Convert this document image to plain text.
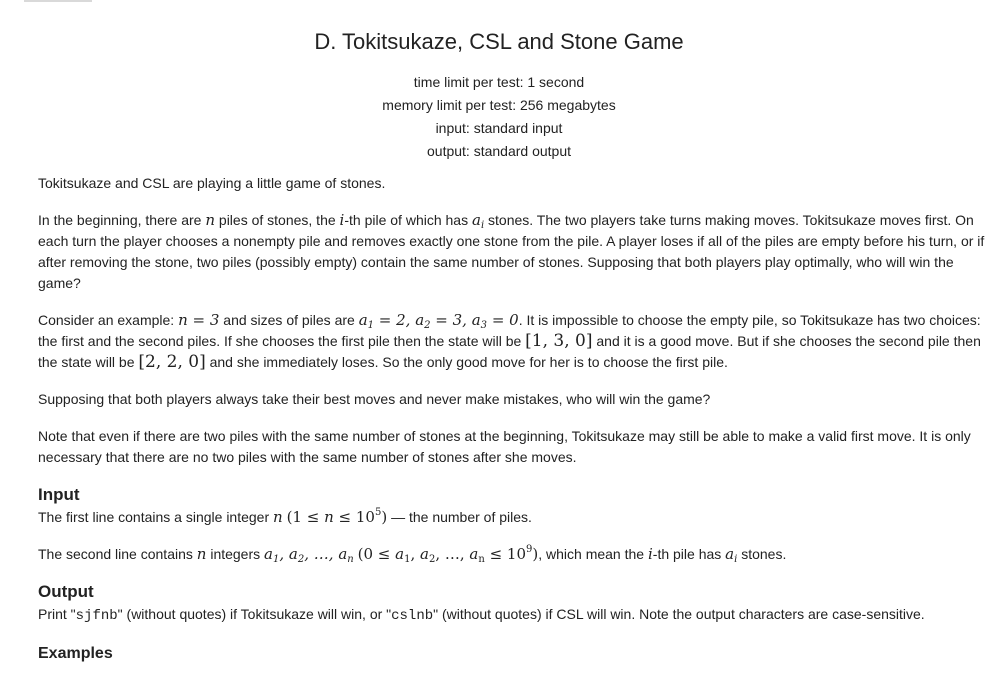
D. Tokitsukaze, CSL and Stone Game
time limit per test: 1 second
memory limit per test: 256 megabytes
input: standard input
output: standard output

Tokitsukaze and CSL are playing a little game of stones.

In the beginning, there are n piles of stones, the i-th pile of which has $a_i$ stones. The two players take turns making moves. Tokitsukaze moves first. On each turn the player chooses a nonempty pile and removes exactly one stone from the pile. A player loses if all of the piles are empty before his turn, or if after removing the stone, two piles (possibly empty) contain the same number of stones. Supposing that both players play optimally, who will win the game?

Consider an example: n = 3 and sizes of piles are $a_1 = 2$, $a_2 = 3$, $a_3 = 0$. It is impossible to choose the empty pile, so Tokitsukaze has two choices: the first and the second piles. If she chooses the first pile then the state will be [1, 3, 0] and it is a good move. But if she chooses the second pile then the state will be [2, 2, 0] and she immediately loses. So the only good move for her is to choose the first pile.

Supposing that both players always take their best moves and never make mistakes, who will win the game?

Note that even if there are two piles with the same number of stones at the beginning, Tokitsukaze may still be able to make a valid first move. It is only necessary that there are no two piles with the same number of stones after she moves.

Input

The first line contains a single integer n $(1 \le n \le 10^5)$ — the number of piles.

The second line contains n integers $a_1$, $a_2$, …, $a_n$ ($0 \le a_1$, $a_2$, …, $a_n \le 10^9$), which mean the i-th pile has $a_i$ stones.

Output

Print "sjfnb" (without quotes) if Tokitsukaze will win, or "cslnb" (without quotes) if CSL will win. Note the output characters are case-sensitive.

Examples
